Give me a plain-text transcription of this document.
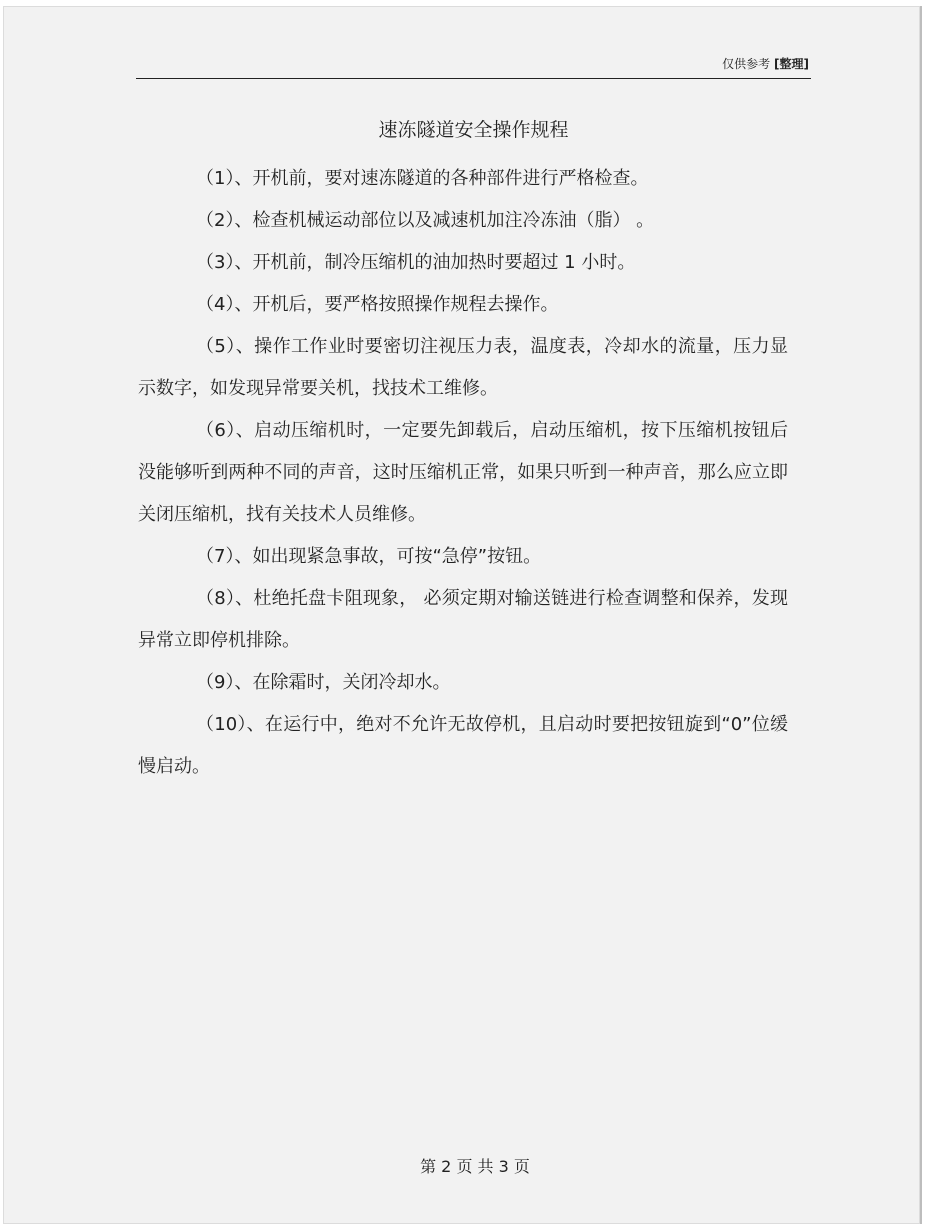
仅供参考 [整理]
速冻隧道安全操作规程

（1）、开机前，要对速冻隧道的各种部件进行严格检查。

（2）、检查机械运动部位以及减速机加注冷冻油（脂） 。

（3）、开机前，制冷压缩机的油加热时要超过 1 小时。

（4）、开机后，要严格按照操作规程去操作。

（5）、操作工作业时要密切注视压力表，温度表，冷却水的流量，压力显示数字，如发现异常要关机，找技术工维修。

（6）、启动压缩机时，一定要先卸载后，启动压缩机，按下压缩机按钮后没能够听到两种不同的声音，这时压缩机正常，如果只听到一种声音，那么应立即关闭压缩机，找有关技术人员维修。

（7）、如出现紧急事故，可按“急停”按钮。

（8）、杜绝托盘卡阻现象， 必须定期对输送链进行检查调整和保养，发现异常立即停机排除。

（9）、在除霜时，关闭冷却水。

（10）、在运行中，绝对不允许无故停机，且启动时要把按钮旋到“0”位缓慢启动。

第 2 页 共 3 页
